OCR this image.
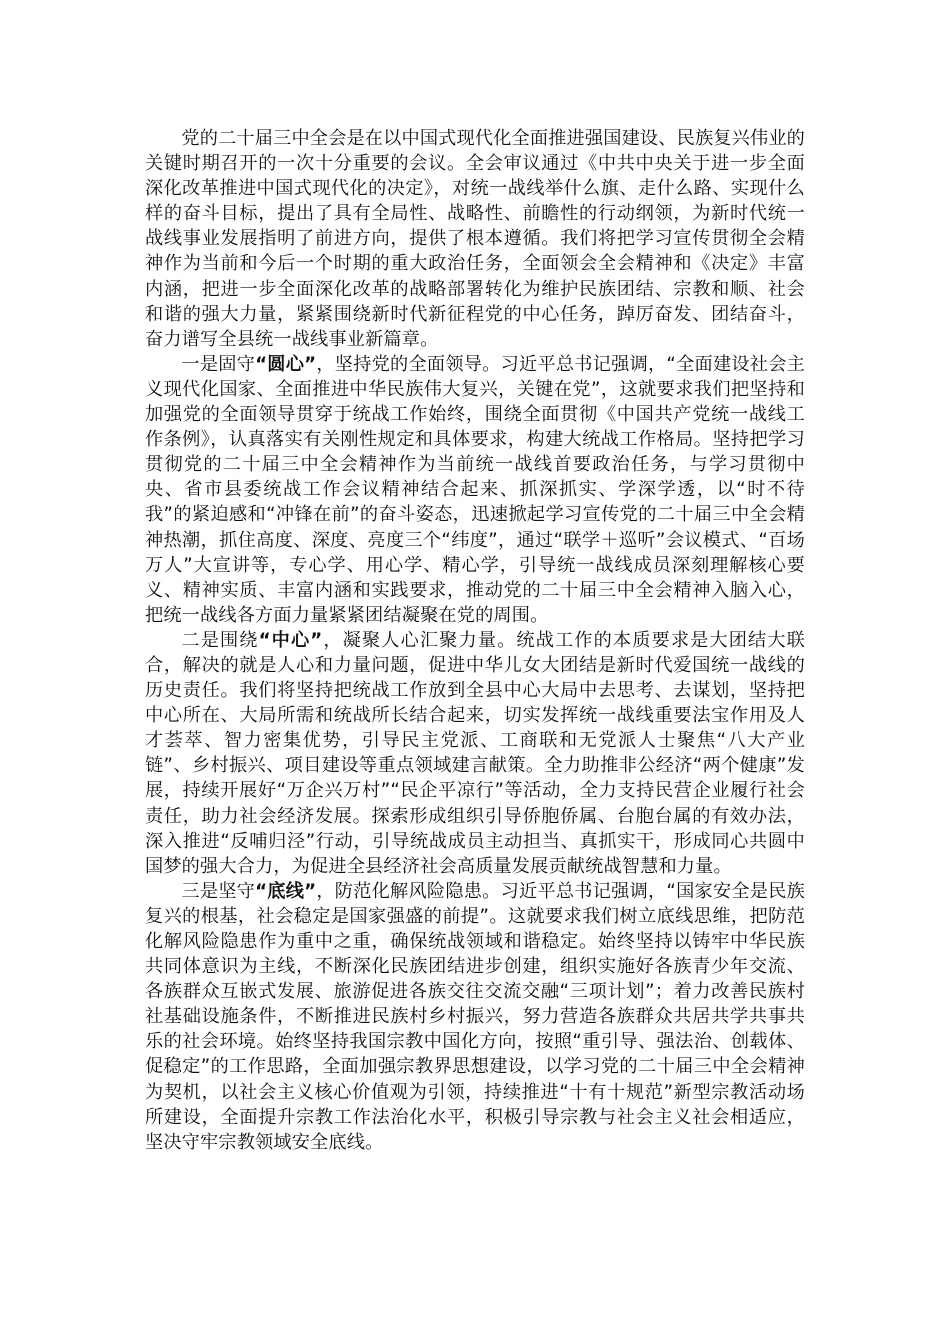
党的二十届三中全会是在以中国式现代化全面推进强国建设、民族复兴伟业的关键时期召开的一次十分重要的会议。全会审议通过《中共中央关于进一步全面深化改革推进中国式现代化的决定》，对统一战线举什么旗、走什么路、实现什么样的奋斗目标，提出了具有全局性、战略性、前瞻性的行动纲领，为新时代统一战线事业发展指明了前进方向，提供了根本遵循。我们将把学习宣传贯彻全会精神作为当前和今后一个时期的重大政治任务，全面领会全会精神和《决定》丰富内涵，把进一步全面深化改革的战略部署转化为维护民族团结、宗教和顺、社会和谐的强大力量，紧紧围绕新时代新征程党的中心任务，踔厉奋发、团结奋斗，奋力谱写全县统一战线事业新篇章。

一是固守“圆心”，坚持党的全面领导。习近平总书记强调，“全面建设社会主义现代化国家、全面推进中华民族伟大复兴，关键在党”，这就要求我们把坚持和加强党的全面领导贯穿于统战工作始终，围绕全面贯彻《中国共产党统一战线工作条例》，认真落实有关刚性规定和具体要求，构建大统战工作格局。坚持把学习贯彻党的二十届三中全会精神作为当前统一战线首要政治任务，与学习贯彻中央、省市县委统战工作会议精神结合起来、抓深抓实、学深学透，以“时不待我”的紧迫感和“冲锋在前”的奋斗姿态，迅速掀起学习宣传党的二十届三中全会精神热潮，抓住高度、深度、亮度三个“纬度”，通过“联学＋巡听”会议模式、“百场万人”大宣讲等，专心学、用心学、精心学，引导统一战线成员深刻理解核心要义、精神实质、丰富内涵和实践要求，推动党的二十届三中全会精神入脑入心，把统一战线各方面力量紧紧团结凝聚在党的周围。

二是围绕“中心”，凝聚人心汇聚力量。统战工作的本质要求是大团结大联合，解决的就是人心和力量问题，促进中华儿女大团结是新时代爱国统一战线的历史责任。我们将坚持把统战工作放到全县中心大局中去思考、去谋划，坚持把中心所在、大局所需和统战所长结合起来，切实发挥统一战线重要法宝作用及人才荟萃、智力密集优势，引导民主党派、工商联和无党派人士聚焦“八大产业链”、乡村振兴、项目建设等重点领域建言献策。全力助推非公经济“两个健康”发展，持续开展好“万企兴万村”“民企平凉行”等活动，全力支持民营企业履行社会责任，助力社会经济发展。探索形成组织引导侨胞侨属、台胞台属的有效办法，深入推进“反哺归泾”行动，引导统战成员主动担当、真抓实干，形成同心共圆中国梦的强大合力，为促进全县经济社会高质量发展贡献统战智慧和力量。

三是坚守“底线”，防范化解风险隐患。习近平总书记强调，“国家安全是民族复兴的根基，社会稳定是国家强盛的前提”。这就要求我们树立底线思维，把防范化解风险隐患作为重中之重，确保统战领域和谐稳定。始终坚持以铸牢中华民族共同体意识为主线，不断深化民族团结进步创建，组织实施好各族青少年交流、各族群众互嵌式发展、旅游促进各族交往交流交融“三项计划”；着力改善民族村社基础设施条件，不断推进民族村乡村振兴，努力营造各族群众共居共学共事共乐的社会环境。始终坚持我国宗教中国化方向，按照“重引导、强法治、创载体、促稳定”的工作思路，全面加强宗教界思想建设，以学习党的二十届三中全会精神为契机，以社会主义核心价值观为引领，持续推进“十有十规范”新型宗教活动场所建设，全面提升宗教工作法治化水平，积极引导宗教与社会主义社会相适应，坚决守牢宗教领域安全底线。
